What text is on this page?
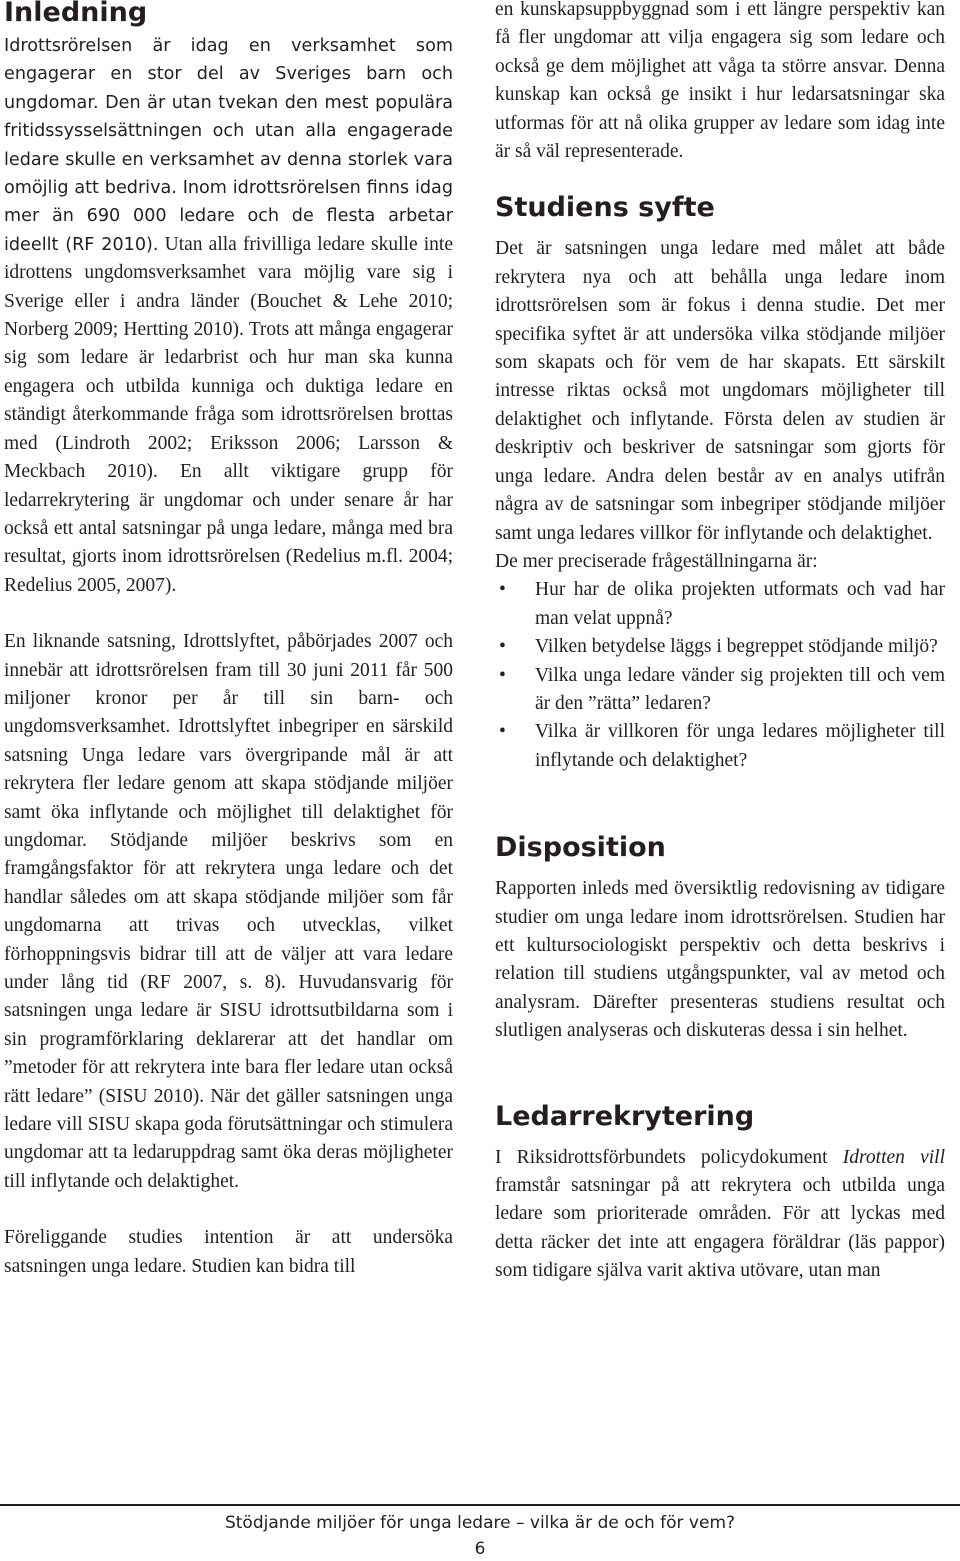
Inledning

Idrottsrörelsen är idag en verksamhet som engagerar en stor del av Sveriges barn och ungdomar. Den är utan tvekan den mest populära fritidssysselsättningen och utan alla engagerade ledare skulle en verksamhet av denna storlek vara omöjlig att bedriva. Inom idrottsrörelsen finns idag mer än 690 000 ledare och de flesta arbetar ideellt (RF 2010). Utan alla frivilliga ledare skulle inte idrottens ungdomsverksamhet vara möjlig vare sig i Sverige eller i andra länder (Bouchet & Lehe 2010; Norberg 2009; Hertting 2010). Trots att många engagerar sig som ledare är ledarbrist och hur man ska kunna engagera och utbilda kunniga och duktiga ledare en ständigt återkommande fråga som idrottsrörelsen brottas med (Lindroth 2002; Eriksson 2006; Larsson & Meckbach 2010). En allt viktigare grupp för ledarrekrytering är ungdomar och under senare år har också ett antal satsningar på unga ledare, många med bra resultat, gjorts inom idrottsrörelsen (Redelius m.fl. 2004; Redelius 2005, 2007).

En liknande satsning, Idrottslyftet, påbörjades 2007 och innebär att idrottsrörelsen fram till 30 juni 2011 får 500 miljoner kronor per år till sin barn- och ungdomsverksamhet. Idrottslyftet inbegriper en särskild satsning Unga ledare vars övergripande mål är att rekrytera fler ledare genom att skapa stödjande miljöer samt öka inflytande och möjlighet till delaktighet för ungdomar. Stödjande miljöer beskrivs som en framgångsfaktor för att rekrytera unga ledare och det handlar således om att skapa stödjande miljöer som får ungdomarna att trivas och utvecklas, vilket förhoppningsvis bidrar till att de väljer att vara ledare under lång tid (RF 2007, s. 8). Huvudansvarig för satsningen unga ledare är SISU idrottsutbildarna som i sin programförklaring deklarerar att det handlar om ”metoder för att rekrytera inte bara fler ledare utan också rätt ledare” (SISU 2010). När det gäller satsningen unga ledare vill SISU skapa goda förutsättningar och stimulera ungdomar att ta ledaruppdrag samt öka deras möjligheter till inflytande och delaktighet.

Föreliggande studies intention är att undersöka satsningen unga ledare. Studien kan bidra till

en kunskapsuppbyggnad som i ett längre perspektiv kan få fler ungdomar att vilja engagera sig som ledare och också ge dem möjlighet att våga ta större ansvar. Denna kunskap kan också ge insikt i hur ledarsatsningar ska utformas för att nå olika grupper av ledare som idag inte är så väl representerade.

Studiens syfte

Det är satsningen unga ledare med målet att både rekrytera nya och att behålla unga ledare inom idrottsrörelsen som är fokus i denna studie. Det mer specifika syftet är att undersöka vilka stödjande miljöer som skapats och för vem de har skapats. Ett särskilt intresse riktas också mot ungdomars möjligheter till delaktighet och inflytande. Första delen av studien är deskriptiv och beskriver de satsningar som gjorts för unga ledare. Andra delen består av en analys utifrån några av de satsningar som inbegriper stödjande miljöer samt unga ledares villkor för inflytande och delaktighet.

De mer preciserade frågeställningarna är:

• Hur har de olika projekten utformats och vad har man velat uppnå?
• Vilken betydelse läggs i begreppet stödjande miljö?
• Vilka unga ledare vänder sig projekten till och vem är den ”rätta” ledaren?
• Vilka är villkoren för unga ledares möjligheter till inflytande och delaktighet?
Disposition

Rapporten inleds med översiktlig redovisning av tidigare studier om unga ledare inom idrottsrörelsen. Studien har ett kultursociologiskt perspektiv och detta beskrivs i relation till studiens utgångspunkter, val av metod och analysram. Därefter presenteras studiens resultat och slutligen analyseras och diskuteras dessa i sin helhet.

Ledarrekrytering

I Riksidrottsförbundets policydokument Idrotten vill framstår satsningar på att rekrytera och utbilda unga ledare som prioriterade områden. För att lyckas med detta räcker det inte att engagera föräldrar (läs pappor) som tidigare själva varit aktiva utövare, utan man

Stödjande miljöer för unga ledare – vilka är de och för vem?
6
